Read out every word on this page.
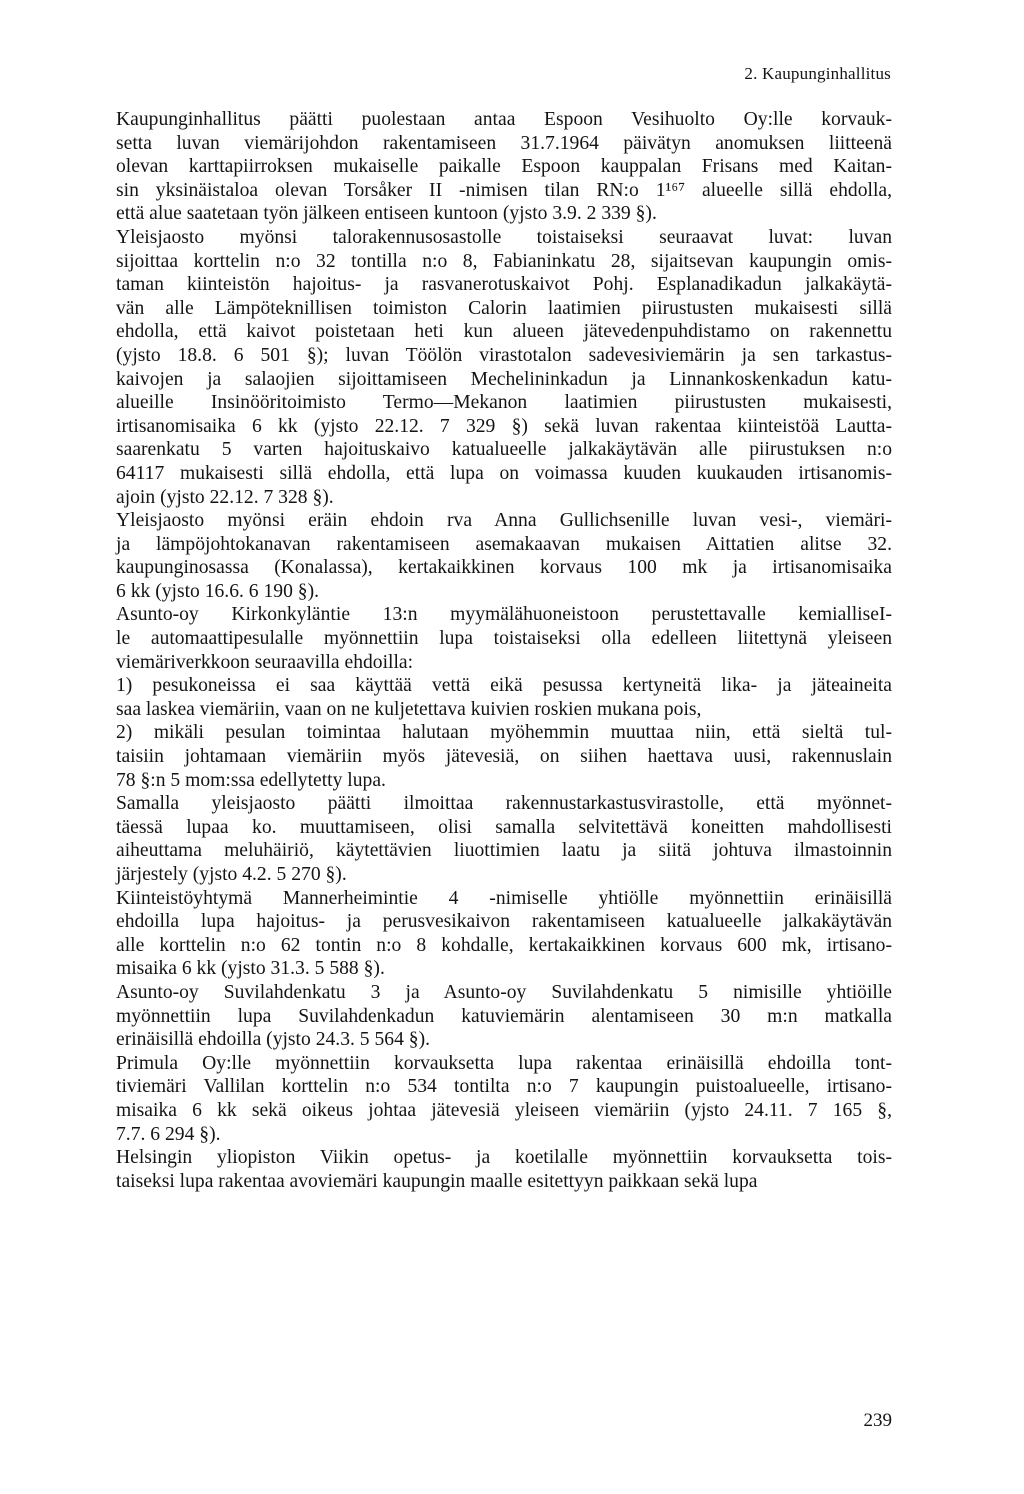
2. Kaupunginhallitus
Kaupunginhallitus päätti puolestaan antaa Espoon Vesihuolto Oy:lle korvauk-
setta luvan viemärijohdon rakentamiseen 31.7.1964 päivätyn anomuksen liitteenä
olevan karttapiirroksen mukaiselle paikalle Espoon kauppalan Frisans med Kaitan-
sin yksinäistaloa olevan Torsåker II -nimisen tilan RN:o 1¹⁶⁷ alueelle sillä ehdolla,
että alue saatetaan työn jälkeen entiseen kuntoon (yjsto 3.9. 2 339 §).
Yleisjaosto myönsi talorakennusosastolle toistaiseksi seuraavat luvat: luvan
sijoittaa korttelin n:o 32 tontilla n:o 8, Fabianinkatu 28, sijaitsevan kaupungin omis-
taman kiinteistön hajoitus- ja rasvanerotuskaivot Pohj. Esplanadikadun jalkakäytä-
vän alle Lämpöteknillisen toimiston Calorin laatimien piirustusten mukaisesti sillä
ehdolla, että kaivot poistetaan heti kun alueen jätevedenpuhdistamo on rakennettu
(yjsto 18.8. 6 501 §); luvan Töölön virastotalon sadevesiviemärin ja sen tarkastus-
kaivojen ja salaojien sijoittamiseen Mechelininkadun ja Linnankoskenkadun katu-
alueille Insinööritoimisto Termo—Mekanon laatimien piirustusten mukaisesti,
irtisanomisaika 6 kk (yjsto 22.12. 7 329 §) sekä luvan rakentaa kiinteistöä Lautta-
saarenkatu 5 varten hajoituskaivo katualueelle jalkakäytävän alle piirustuksen n:o
64117 mukaisesti sillä ehdolla, että lupa on voimassa kuuden kuukauden irtisanomis-
ajoin (yjsto 22.12. 7 328 §).
Yleisjaosto myönsi eräin ehdoin rva Anna Gullichsenille luvan vesi-, viemäri-
ja lämpöjohtokanavan rakentamiseen asemakaavan mukaisen Aittatien alitse 32.
kaupunginosassa (Konalassa), kertakaikkinen korvaus 100 mk ja irtisanomisaika
6 kk (yjsto 16.6. 6 190 §).
Asunto-oy Kirkonkyläntie 13:n myymälähuoneistoon perustettavalle kemialliseI-
le automaattipesulalle myönnettiin lupa toistaiseksi olla edelleen liitettynä yleiseen
viemäriverkkoon seuraavilla ehdoilla:
1) pesukoneissa ei saa käyttää vettä eikä pesussa kertyneitä lika- ja jäteaineita
saa laskea viemäriin, vaan on ne kuljetettava kuivien roskien mukana pois,
2) mikäli pesulan toimintaa halutaan myöhemmin muuttaa niin, että sieltä tul-
taisiin johtamaan viemäriin myös jätevesiä, on siihen haettava uusi, rakennuslain
78 §:n 5 mom:ssa edellytetty lupa.
Samalla yleisjaosto päätti ilmoittaa rakennustarkastusvirastolle, että myönnet-
täessä lupaa ko. muuttamiseen, olisi samalla selvitettävä koneitten mahdollisesti
aiheuttama meluhäiriö, käytettävien liuottimien laatu ja siitä johtuva ilmastoinnin
järjestely (yjsto 4.2. 5 270 §).
Kiinteistöyhtymä Mannerheimintie 4 -nimiselle yhtiölle myönnettiin erinäisillä
ehdoilla lupa hajoitus- ja perusvesikaivon rakentamiseen katualueelle jalkakäytävän
alle korttelin n:o 62 tontin n:o 8 kohdalle, kertakaikkinen korvaus 600 mk, irtisano-
misaika 6 kk (yjsto 31.3. 5 588 §).
Asunto-oy Suvilahdenkatu 3 ja Asunto-oy Suvilahdenkatu 5 nimisille yhtiöille
myönnettiin lupa Suvilahdenkadun katuviemärin alentamiseen 30 m:n matkalla
erinäisillä ehdoilla (yjsto 24.3. 5 564 §).
Primula Oy:lle myönnettiin korvauksetta lupa rakentaa erinäisillä ehdoilla tont-
tiviemäri Vallilan korttelin n:o 534 tontilta n:o 7 kaupungin puistoalueelle, irtisano-
misaika 6 kk sekä oikeus johtaa jätevesiä yleiseen viemäriin (yjsto 24.11. 7 165 §,
7.7. 6 294 §).
Helsingin yliopiston Viikin opetus- ja koetilalle myönnettiin korvauksetta tois-
taiseksi lupa rakentaa avoviemäri kaupungin maalle esitettyyn paikkaan sekä lupa
239
